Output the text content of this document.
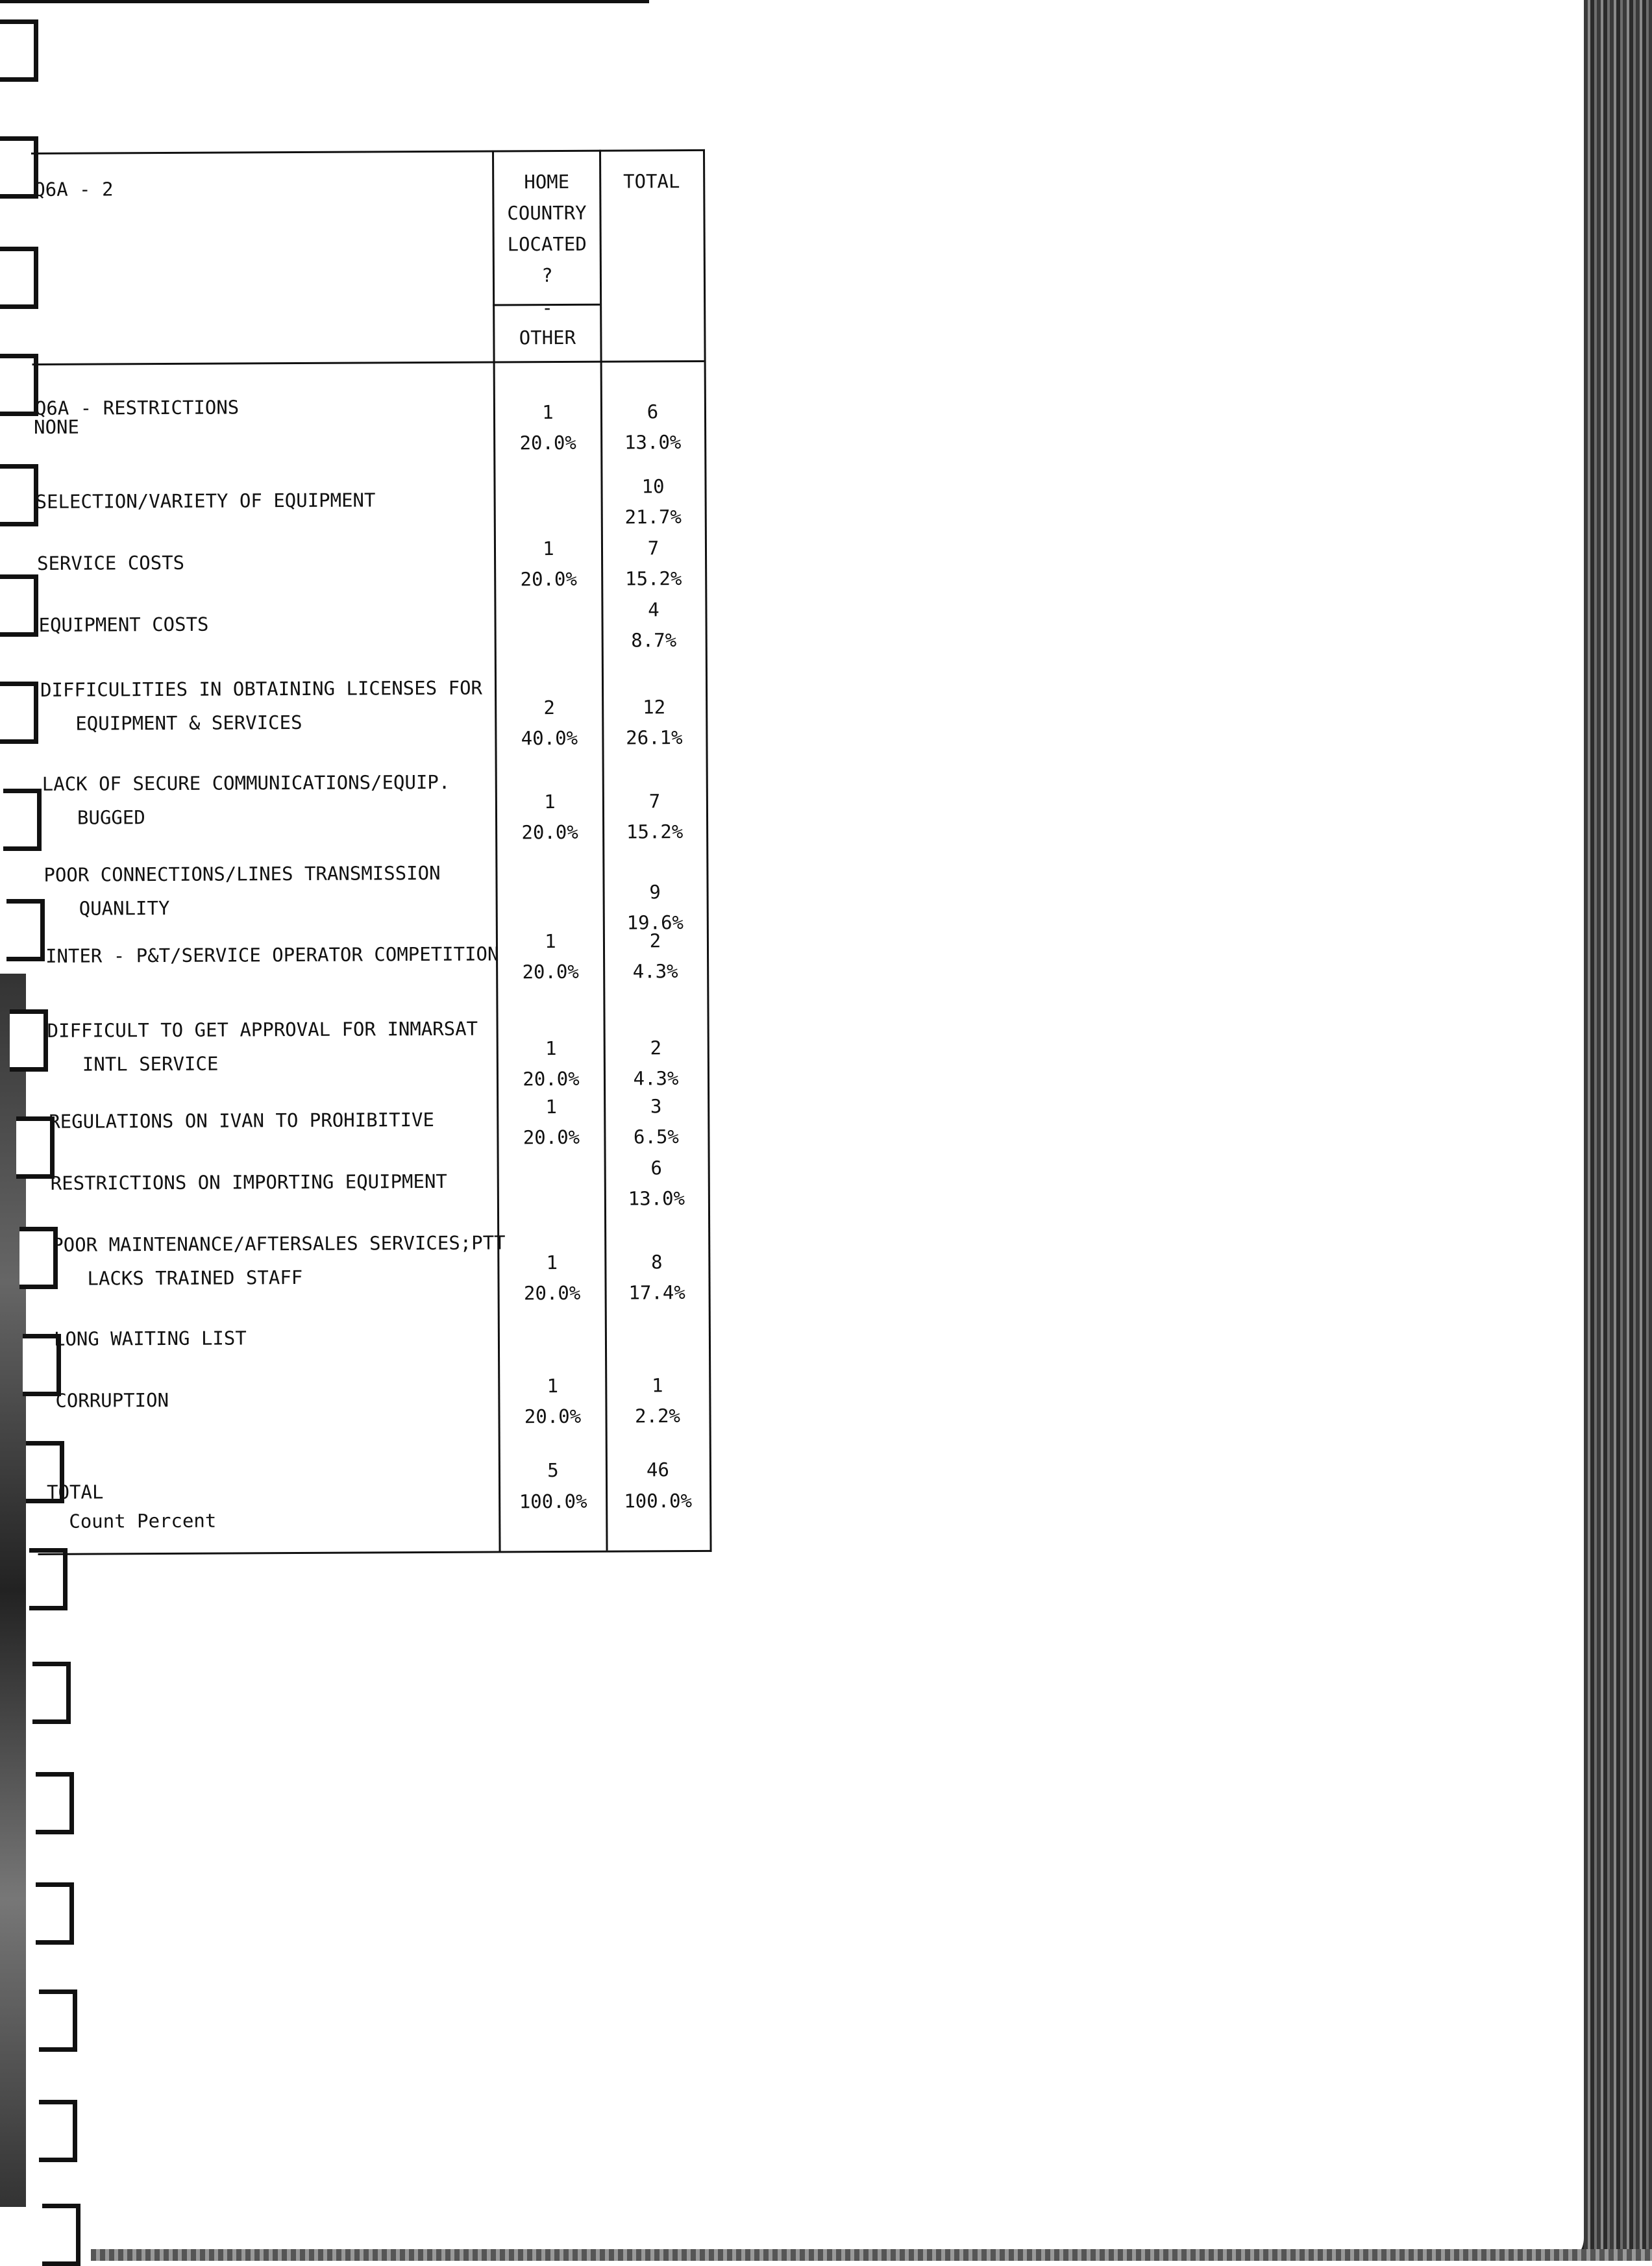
Q6A - 2	HOME
COUNTRY
LOCATED
?
-
OTHER
TOTAL
Q6A - RESTRICTIONS
NONE
1
20.0%
6
13.0%
SELECTION/VARIETY OF EQUIPMENT
10
21.7%
SERVICE COSTS
1
20.0%
7
15.2%
EQUIPMENT COSTS
4
8.7%
DIFFICULITIES IN OBTAINING LICENSES FOR
EQUIPMENT & SERVICES
2
40.0%
12
26.1%
LACK OF SECURE COMMUNICATIONS/EQUIP.
BUGGED
1
20.0%
7
15.2%
POOR CONNECTIONS/LINES TRANSMISSION
QUANLITY
9
19.6%
INTER - P&T/SERVICE OPERATOR COMPETITION
1
20.0%
2
4.3%
DIFFICULT TO GET APPROVAL FOR INMARSAT
INTL SERVICE
1
20.0%
2
4.3%
REGULATIONS ON IVAN TO PROHIBITIVE
1
20.0%
3
6.5%
RESTRICTIONS ON IMPORTING EQUIPMENT
6
13.0%
POOR MAINTENANCE/AFTERSALES SERVICES;PTT
LACKS TRAINED STAFF
1
20.0%
8
17.4%
LONG WAITING LIST
CORRUPTION
1
20.0%
1
2.2%
TOTAL
Count Percent
5
100.0%
46
100.0%
